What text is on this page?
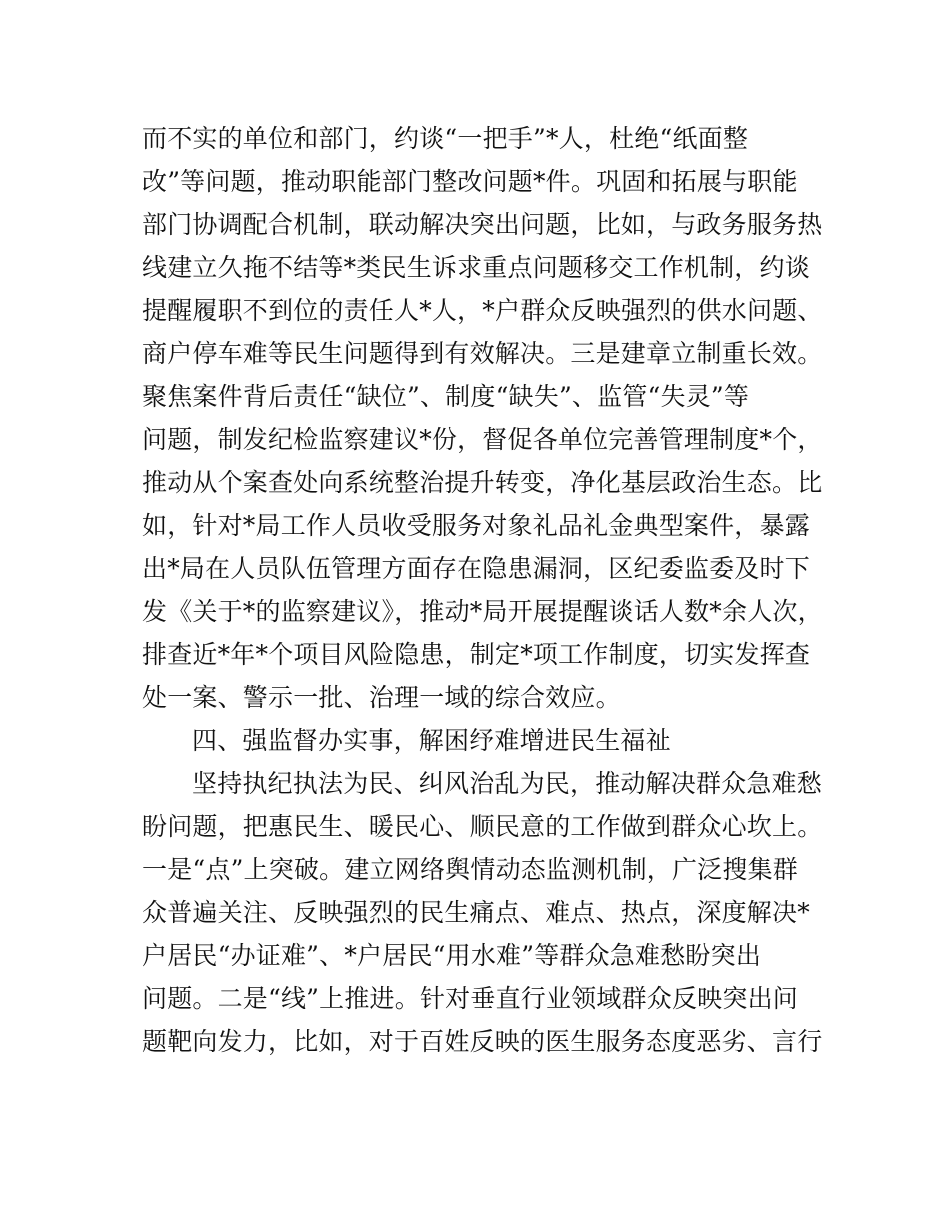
而不实的单位和部门，约谈“一把手”*人，杜绝“纸面整
改”等问题，推动职能部门整改问题*件。巩固和拓展与职能
部门协调配合机制，联动解决突出问题，比如，与政务服务热
线建立久拖不结等*类民生诉求重点问题移交工作机制，约谈
提醒履职不到位的责任人*人，*户群众反映强烈的供水问题、
商户停车难等民生问题得到有效解决。三是建章立制重长效。
聚焦案件背后责任“缺位”、制度“缺失”、监管“失灵”等
问题，制发纪检监察建议*份，督促各单位完善管理制度*个，
推动从个案查处向系统整治提升转变，净化基层政治生态。比
如，针对*局工作人员收受服务对象礼品礼金典型案件，暴露
出*局在人员队伍管理方面存在隐患漏洞，区纪委监委及时下
发《关于*的监察建议》，推动*局开展提醒谈话人数*余人次，
排查近*年*个项目风险隐患，制定*项工作制度，切实发挥查
处一案、警示一批、治理一域的综合效应。
四、强监督办实事，解困纾难增进民生福祉
坚持执纪执法为民、纠风治乱为民，推动解决群众急难愁
盼问题，把惠民生、暖民心、顺民意的工作做到群众心坎上。
一是“点”上突破。建立网络舆情动态监测机制，广泛搜集群
众普遍关注、反映强烈的民生痛点、难点、热点，深度解决*
户居民“办证难”、*户居民“用水难”等群众急难愁盼突出
问题。二是“线”上推进。针对垂直行业领域群众反映突出问
题靶向发力，比如，对于百姓反映的医生服务态度恶劣、言行
